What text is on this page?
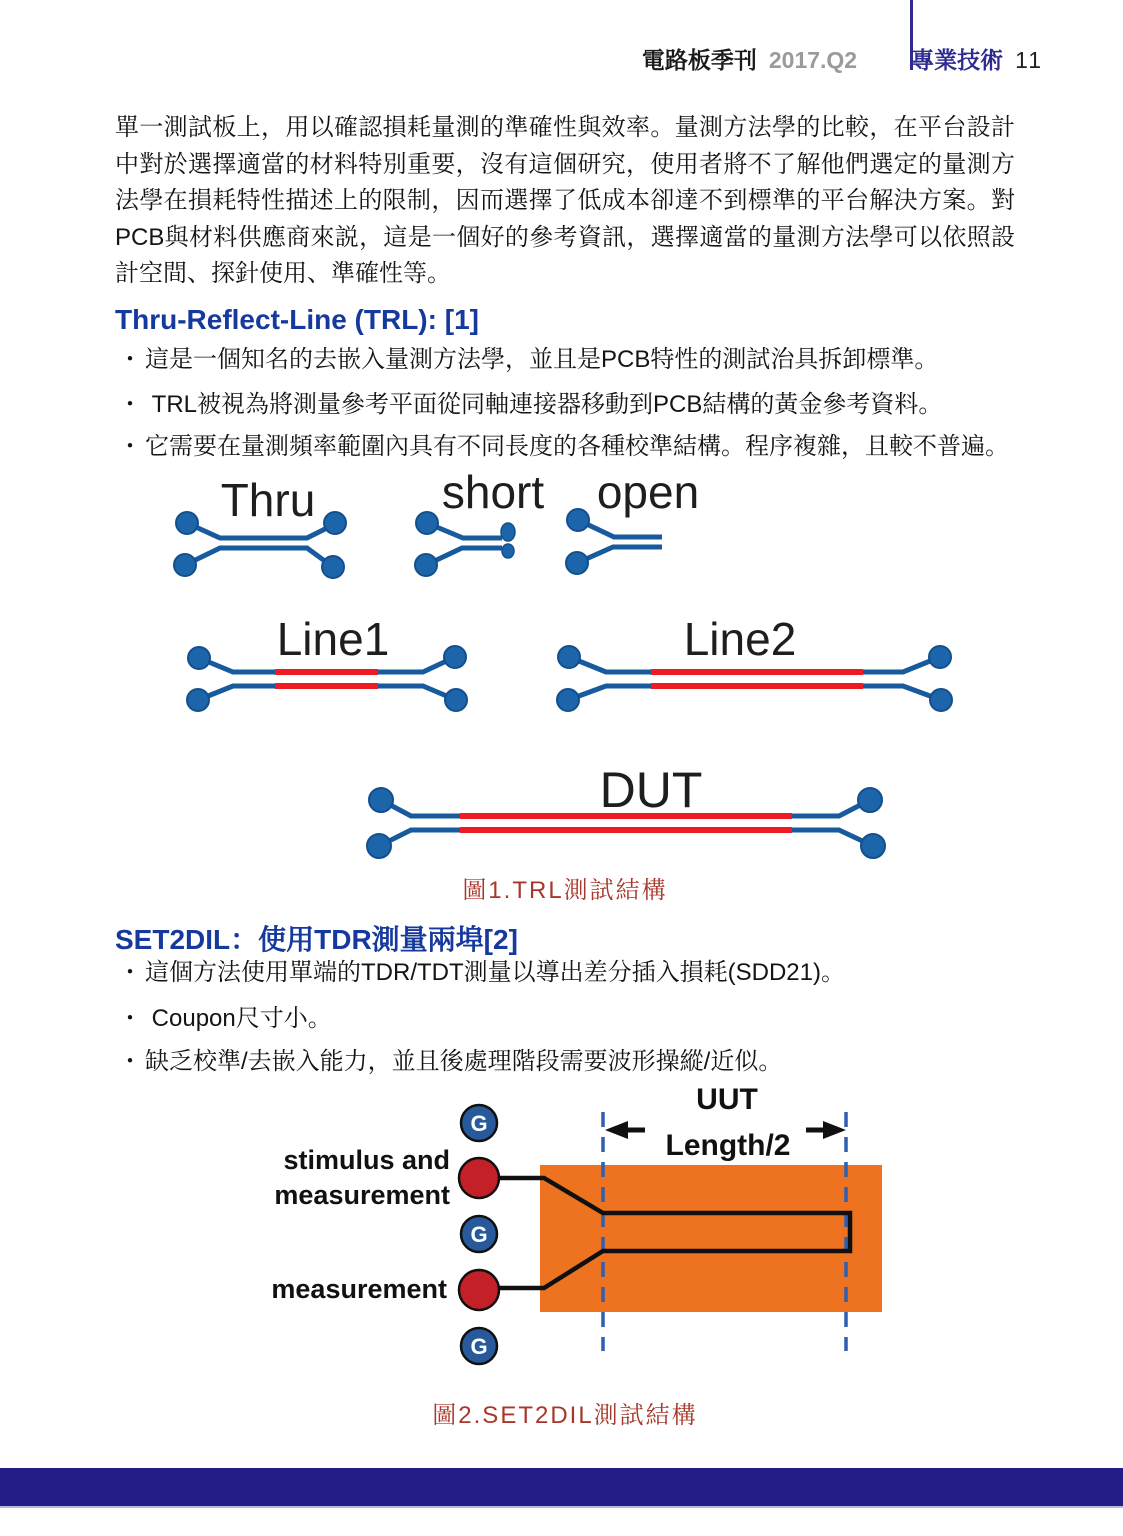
電路板季刊 2017.Q2 專業技術 11
單一測試板上，用以確認損耗量測的準確性與效率。量測方法學的比較，在平台設計中對於選擇適當的材料特別重要，沒有這個研究，使用者將不了解他們選定的量測方法學在損耗特性描述上的限制，因而選擇了低成本卻達不到標準的平台解決方案。對PCB與材料供應商來説，這是一個好的參考資訊，選擇適當的量測方法學可以依照設計空間、探針使用、準確性等。
Thru-Reflect-Line (TRL): [1]
・ 這是一個知名的去嵌入量測方法學，並且是PCB特性的測試治具拆卸標準。
・ TRL被視為將測量參考平面從同軸連接器移動到PCB結構的黃金參考資料。
・ 它需要在量測頻率範圍內具有不同長度的各種校準結構。程序複雜，且較不普遍。
Thru	short open
Line1	Line2
DUT
圖1.TRL測試結構
SET2DIL：使用TDR測量兩埠[2]
・ 這個方法使用單端的TDR/TDT測量以導出差分插入損耗(SDD21)。
・ Coupon尺寸小。
・ 缺乏校準/去嵌入能力，並且後處理階段需要波形操縱/近似。
UUT
Length/2
G
G
G
stimulus and
measurement
measurement
圖2.SET2DIL測試結構
